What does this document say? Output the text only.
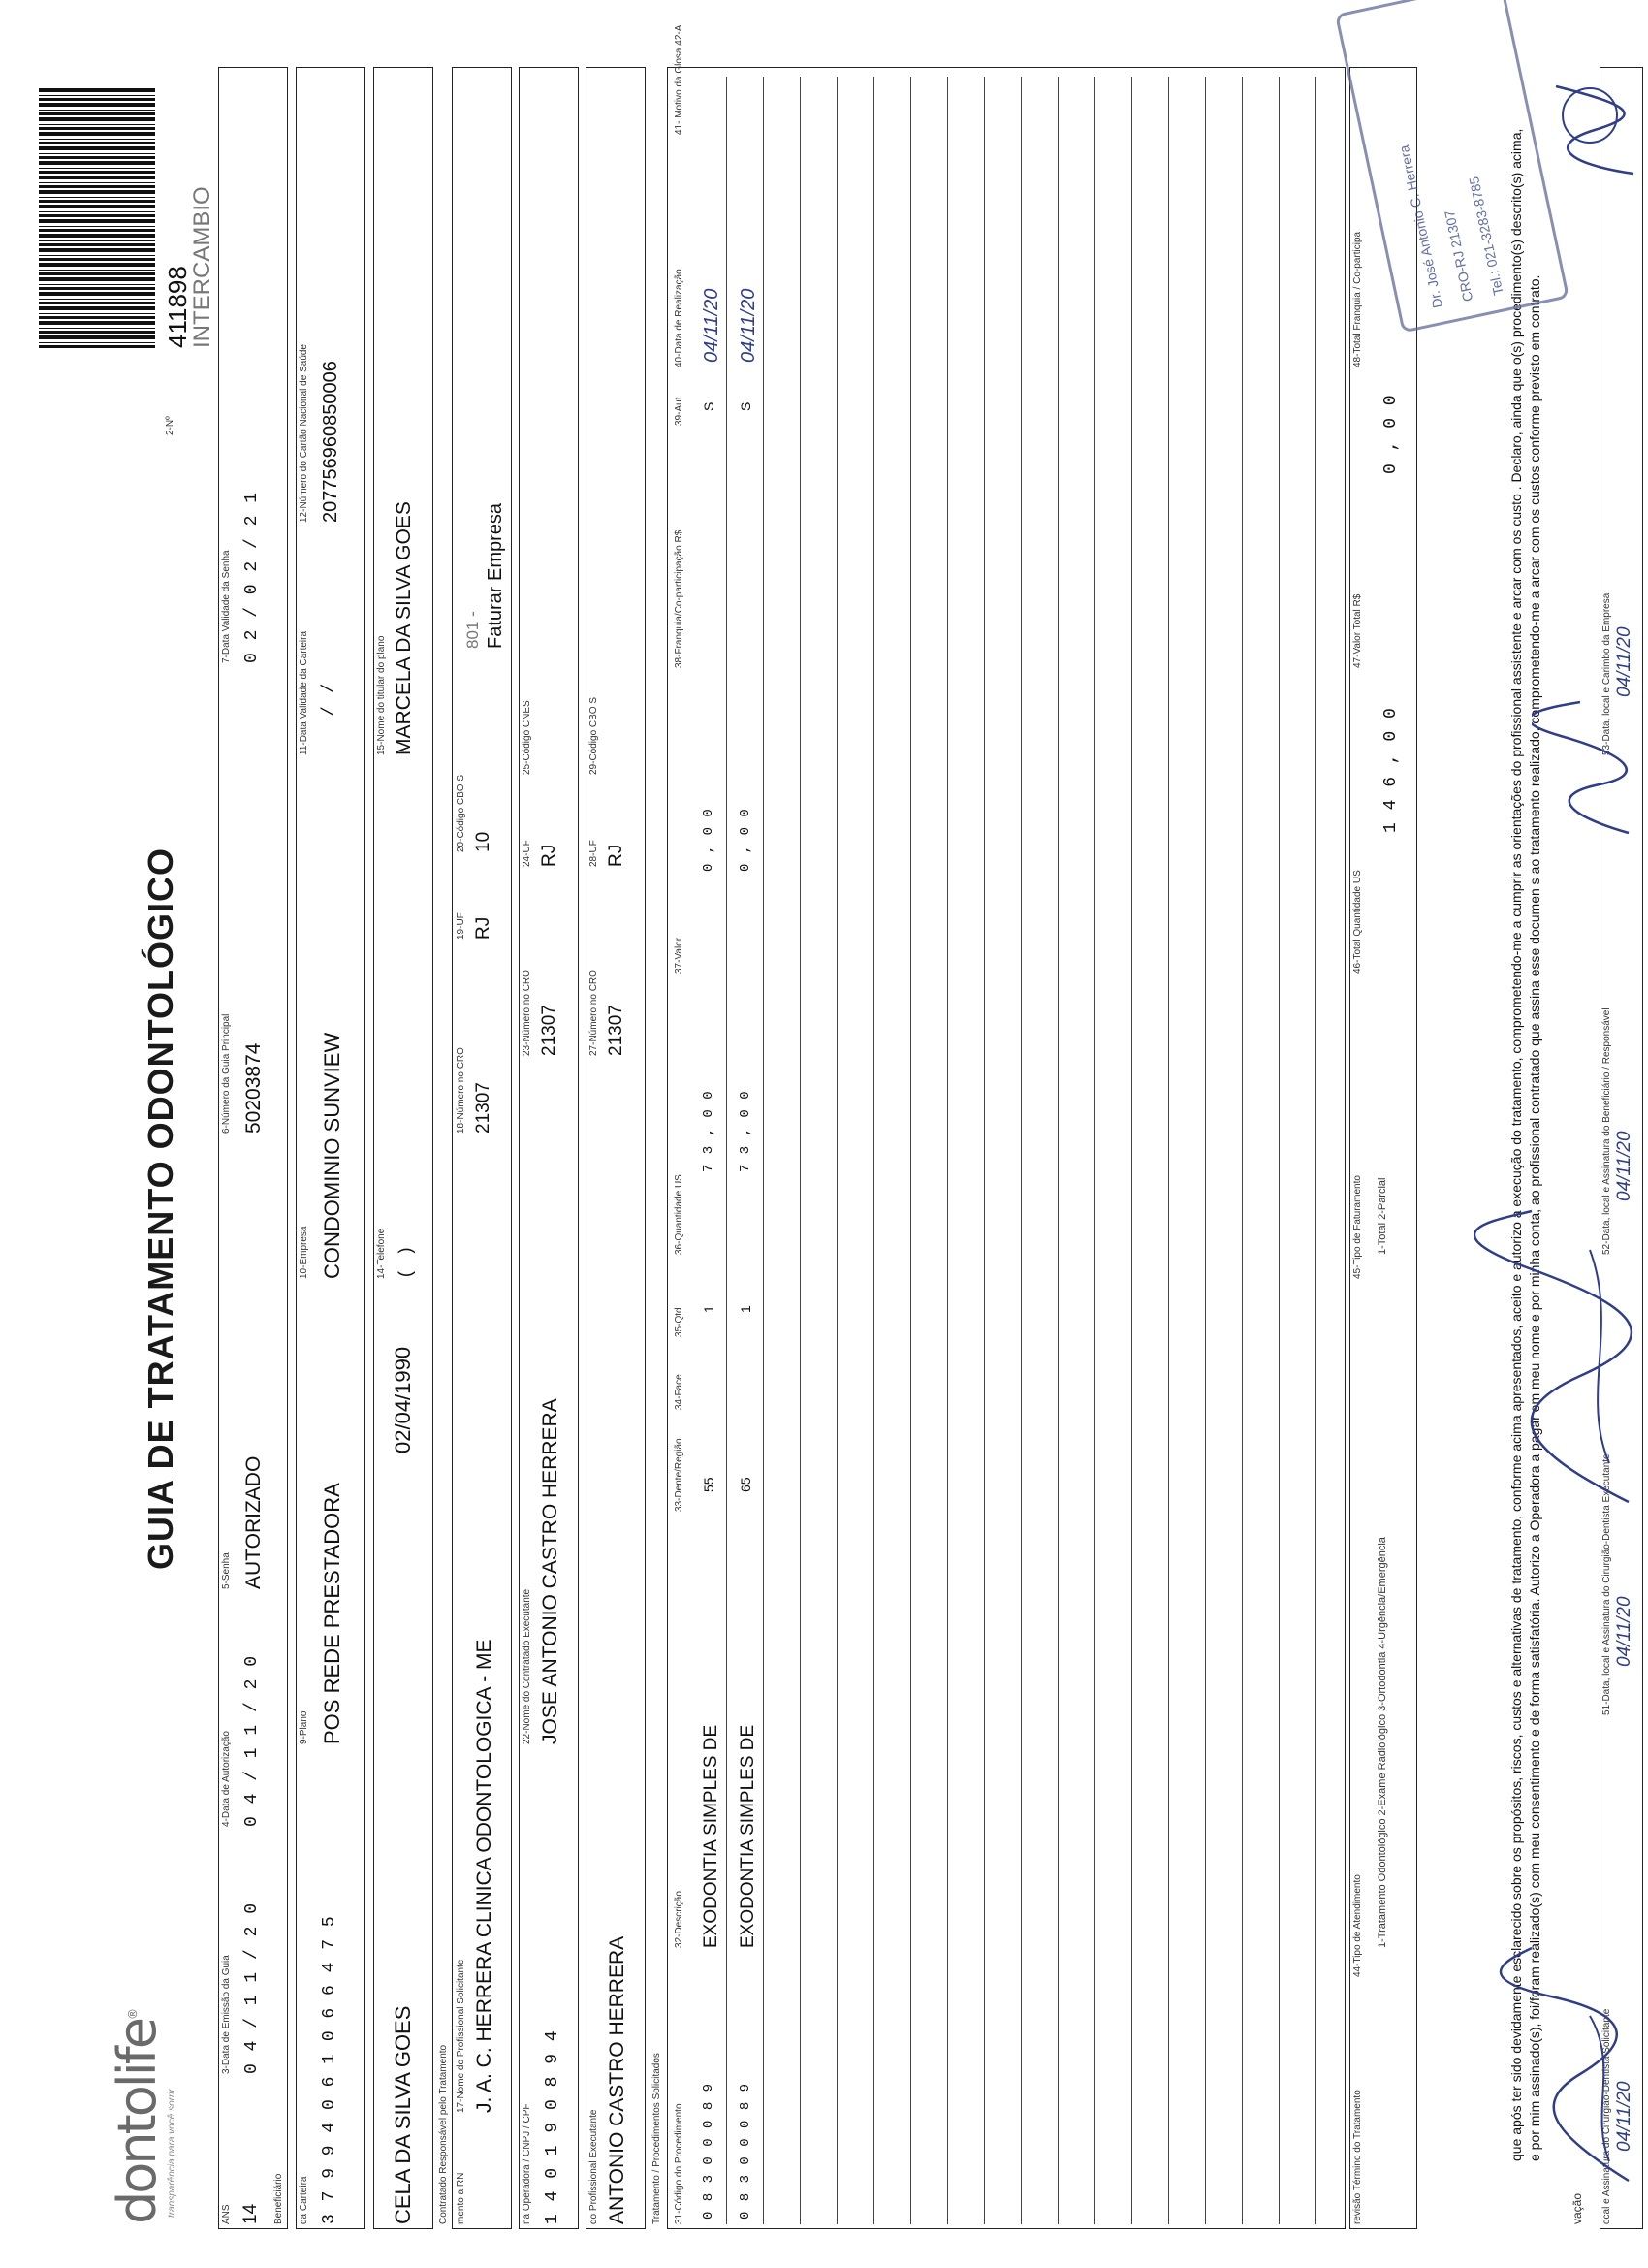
dontolife®
transparência para você sorrir
GUIA DE TRATAMENTO ODONTOLÓGICO
2-Nº
411898
INTERCAMBIO
ANS 14 Beneficiário
3-Data de Emissão da Guia 0 4 / 1 1 / 2 0
4-Data de Autorização 0 4 / 1 1 / 2 0
5-Senha AUTORIZADO
6-Número da Guia Principal 50203874
7-Data Validade da Senha 0 2 / 0 2 / 2 1
da Carteira 3 7 9 9 4 0 6 1 0 6 6 4 7 5
9-Plano POS REDE PRESTADORA
10-Empresa CONDOMINIO SUNVIEW
11-Data Validade da Carteira / /
12-Número do Cartão Nacional de Saúde 207756960850006
CELA DA SILVA GOES
02/04/1990
14-Telefone ( )
15-Nome do titular do plano MARCELA DA SILVA GOES
Contratado Responsável pelo Tratamento mento a RN
17-Nome do Profissional Solicitante J. A. C. HERRERA CLINICA ODONTOLOGICA - ME
18-Número no CRO 21307
19-UF RJ
20-Código CBO S 10
801 - Faturar Empresa
na Operadora / CNPJ / CPF 1 4 0 1 9 0 8 9 4
22-Nome do Contratado Executante JOSE ANTONIO CASTRO HERRERA
23-Número no CRO 21307
24-UF RJ
25-Código CNES
do Profissional Executante ANTONIO CASTRO HERRERA
27-Número no CRO 21307
28-UF RJ
29-Código CBO S
Tratamento / Procedimentos Solicitados	revisão Término do Tratamento
44-Tipo de Atendimento 1-Tratamento Odontológico 2-Exame Radiológico 3-Ortodontia 4-Urgência/Emergência
45-Tipo de Faturamento 1-Total 2-Parcial
46-Total Quantidade US
1 4 6 , 0 0
47-Valor Total R$
0 , 0 0
48-Total Franquia / Co-participa	que após ter sido devidamente esclarecido sobre os propósitos, riscos, custos e alternativas de tratamento, conforme acima apresentados, aceito e autorizo a execução do tratamento, comprometendo-me a cumprir as orientações do profissional assistente e arcar com os custo . Declaro, ainda que o(s) procedimento(s) descrito(s) acima, e por mim assinado(s), foi/foram realizado(s) com meu consentimento e de forma satisfatória. Autorizo a Operadora a pagar em meu nome e por minha conta, ao profissional contratado que assina esse documen s ao tratamento realizado, comprometendo-me a arcar com os custos conforme previsto em contrato.
vação ocal e Assinatura do Cirurgião-Dentista Solicitante
51-Data, local e Assinatura do Cirurgião-Dentista Executante
52-Data, local e Assinatura do Beneficiário / Responsável
53-Data, local e Carimbo da Empresa
04/11/20
04/11/20
04/11/20
04/11/20
Dr. José Antonio C. Herrera
CRO-RJ 21307
Tel.: 021-3283-8785
31-Código do Procedimento
32-Descrição
33-Dente/Região
34-Face
35-Qtd
36-Quantidade US
37-Valor
38-Franquia/Co-participação R$
39-Aut
40-Data de Realização
41- Motivo da Glosa 42-A
0 8 3 0 0 0 8 9
EXODONTIA SIMPLES DE
55
1
7 3 , 0 0
0 , 0 0
S
04/11/20
0 8 3 0 0 0 8 9
EXODONTIA SIMPLES DE
65
1
7 3 , 0 0
0 , 0 0
S
04/11/20
